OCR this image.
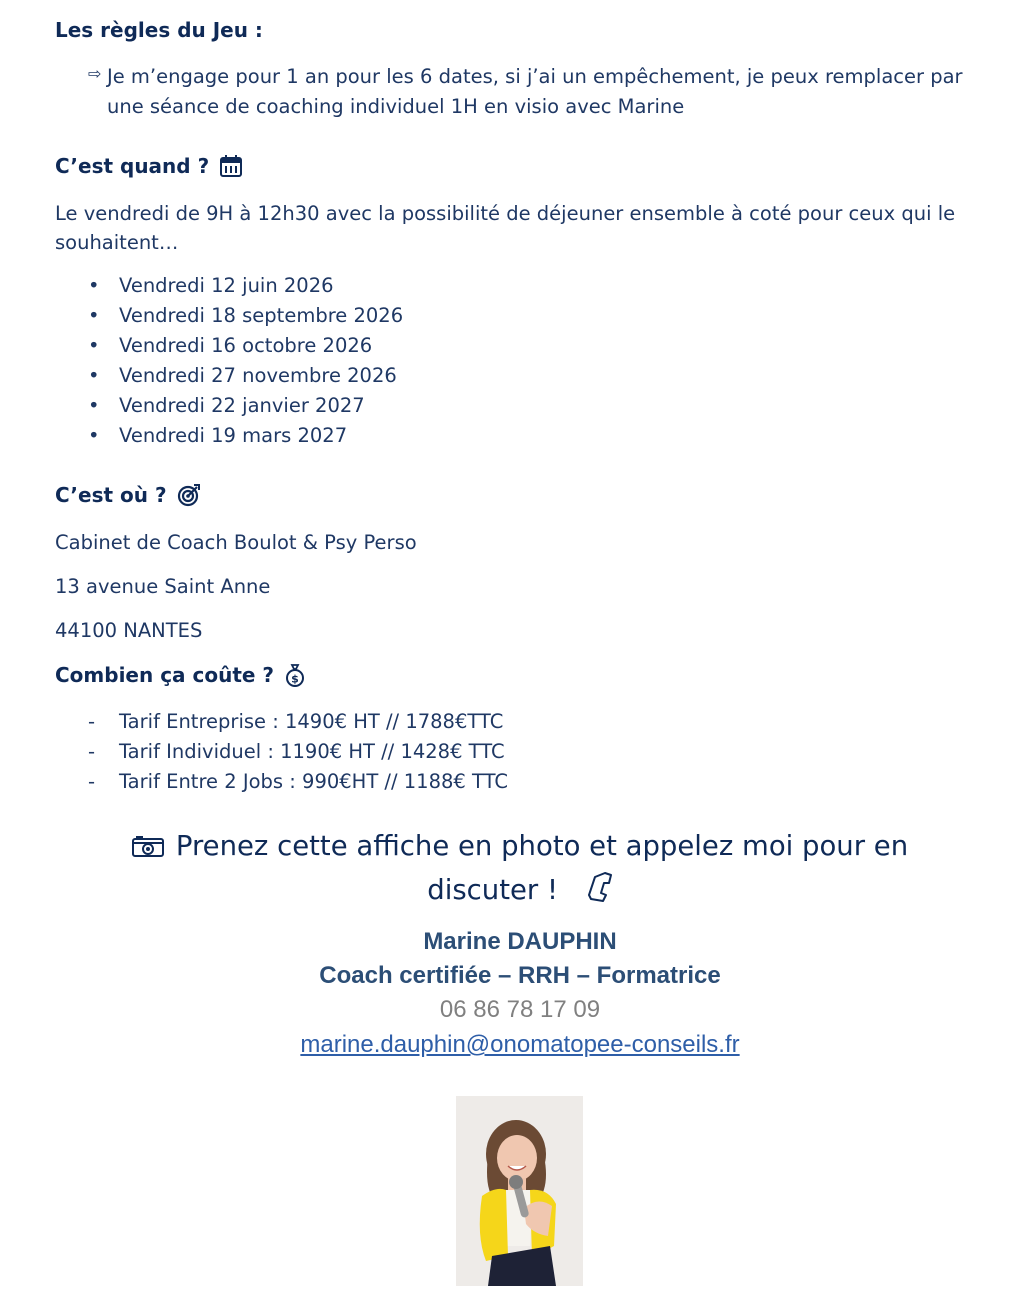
Les règles du Jeu :
⇨ Je m’engage pour 1 an pour les 6 dates, si j’ai un empêchement, je peux remplacer par une séance de coaching individuel 1H en visio avec Marine
C’est quand ?
Le vendredi de 9H à 12h30 avec la possibilité de déjeuner ensemble à coté pour ceux qui le souhaitent…
• Vendredi 12 juin 2026
• Vendredi 18 septembre 2026
• Vendredi 16 octobre 2026
• Vendredi 27 novembre 2026
• Vendredi 22 janvier 2027
• Vendredi 19 mars 2027
C’est où ?
Cabinet de Coach Boulot & Psy Perso
13 avenue Saint Anne
44100 NANTES
Combien ça coûte ? $
-	Tarif Entreprise : 1490€ HT // 1788€TTC
-	Tarif Individuel : 1190€ HT // 1428€ TTC
-	Tarif Entre 2 Jobs : 990€HT // 1188€ TTC
Prenez cette affiche en photo et appelez moi pour en
discuter !
Marine DAUPHIN
Coach certifiée – RRH – Formatrice
06 86 78 17 09
marine.dauphin@onomatopee-conseils.fr
